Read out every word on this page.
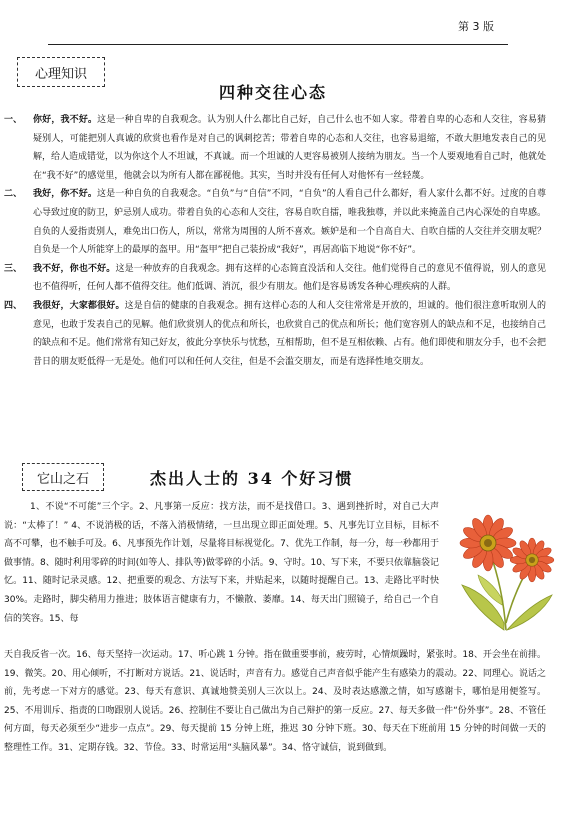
第 3 版
心理知识
四种交往心态

一、 你好，我不好。这是一种自卑的自我观念。认为别人什么都比自己好，自己什么也不如人家。带着自卑的心态和人交往，容易猜疑别人，可能把别人真诚的欣赏也看作是对自己的讽刺挖苦；带着自卑的心态和人交往，也容易退缩，不敢大胆地发表自己的见解，给人造成错觉，以为你这个人不坦诚，不真诚。而一个坦诚的人更容易被别人接纳为朋友。当一个人要观地看自己时，他就处在“我不好”的感觉里，他就会以为所有人都在鄙视他。其实，当时并没有任何人对他怀有一丝轻蔑。

二、 我好，你不好。这是一种自负的自我观念。“自负”与“自信”不同，“自负”的人看自己什么都好，看人家什么都不好。过度的自尊心导致过度的防卫，妒忌别人成功。带着自负的心态和人交往，容易自吹自擂，唯我独尊，并以此来掩盖自己内心深处的自卑感。自负的人爱指责别人，难免出口伤人，所以，常常为周围的人所不喜欢。嫉妒是和一个自高自大、自吹自擂的人交往并交朋友呢？自负是一个人所能穿上的最厚的盔甲。用“盔甲”把自己装扮成“我好”，再居高临下地说“你不好”。

三、 我不好，你也不好。这是一种放弃的自我观念。拥有这样的心态简直没活和人交往。他们觉得自己的意见不值得说，别人的意见也不值得听，任何人都不值得交往。他们低调、消沉，很少有朋友。他们是容易诱发各种心理疾病的人群。

四、 我很好，大家都很好。这是自信的健康的自我观念。拥有这样心态的人和人交往常常是开放的，坦诚的。他们很注意听取别人的意见，也敢于发表自己的见解。他们欣赏别人的优点和所长，也欣赏自己的优点和所长；他们宽容别人的缺点和不足，也接纳自己的缺点和不足。他们常常有知己好友，彼此分享快乐与忧愁，互相帮助，但不是互相依赖、占有。他们即使和朋友分手，也不会把昔日的朋友贬低得一无是处。他们可以和任何人交往，但是不会滥交朋友，而是有选择性地交朋友。

它山之石	杰出人士的 34 个好习惯

1、不说“不可能”三个字。2、凡事第一反应：找方法，而不是找借口。3、遇到挫折时，对自己大声说：“太棒了！” 4、不说消极的话，不落入消极情绪，一旦出现立即正面处理。5、凡事先订立目标，目标不高不可攀，也不触手可及。6、凡事预先作计划，尽量将目标视觉化。7、优先工作制，每一分，每一秒都用于做事情。8、随时利用零碎的时间(如等人、排队等)做零碎的小活。9、守时。10、写下来，不要只依靠脑袋记忆。11、随时记录灵感。12、把重要的观念、方法写下来，并贴起来，以随时提醒自己。13、走路比平时快 30%。走路时，脚尖稍用力推进；肢体语言健康有力，不懒散、萎靡。14、每天出门照镜子，给自己一个自信的笑容。15、每

天自我反省一次。16、每天坚持一次运动。17、听心跳 1 分钟。指在做重要事前，疲劳时，心情烦躁时，紧张时。18、开会坐在前排。19、微笑。20、用心倾听，不打断对方说话。21、说话时，声音有力。感觉自己声音似乎能产生有感染力的震动。22、同理心。说话之前，先考虑一下对方的感觉。23、每天有意识、真诚地赞美别人三次以上。24、及时表达感激之情，如写感谢卡，哪怕是用便签写。25、不用训斥、指责的口吻跟别人说话。26、控制住不要让自己做出为自己辩护的第一反应。27、每天多做一件“份外事”。28、不管任何方面，每天必须至少“进步一点点”。29、每天提前 15 分钟上班，推迟 30 分钟下班。30、每天在下班前用 15 分钟的时间做一天的整理性工作。31、定期存钱。32、节俭。33、时常运用“头脑风暴”。34、恪守诚信，说到做到。
